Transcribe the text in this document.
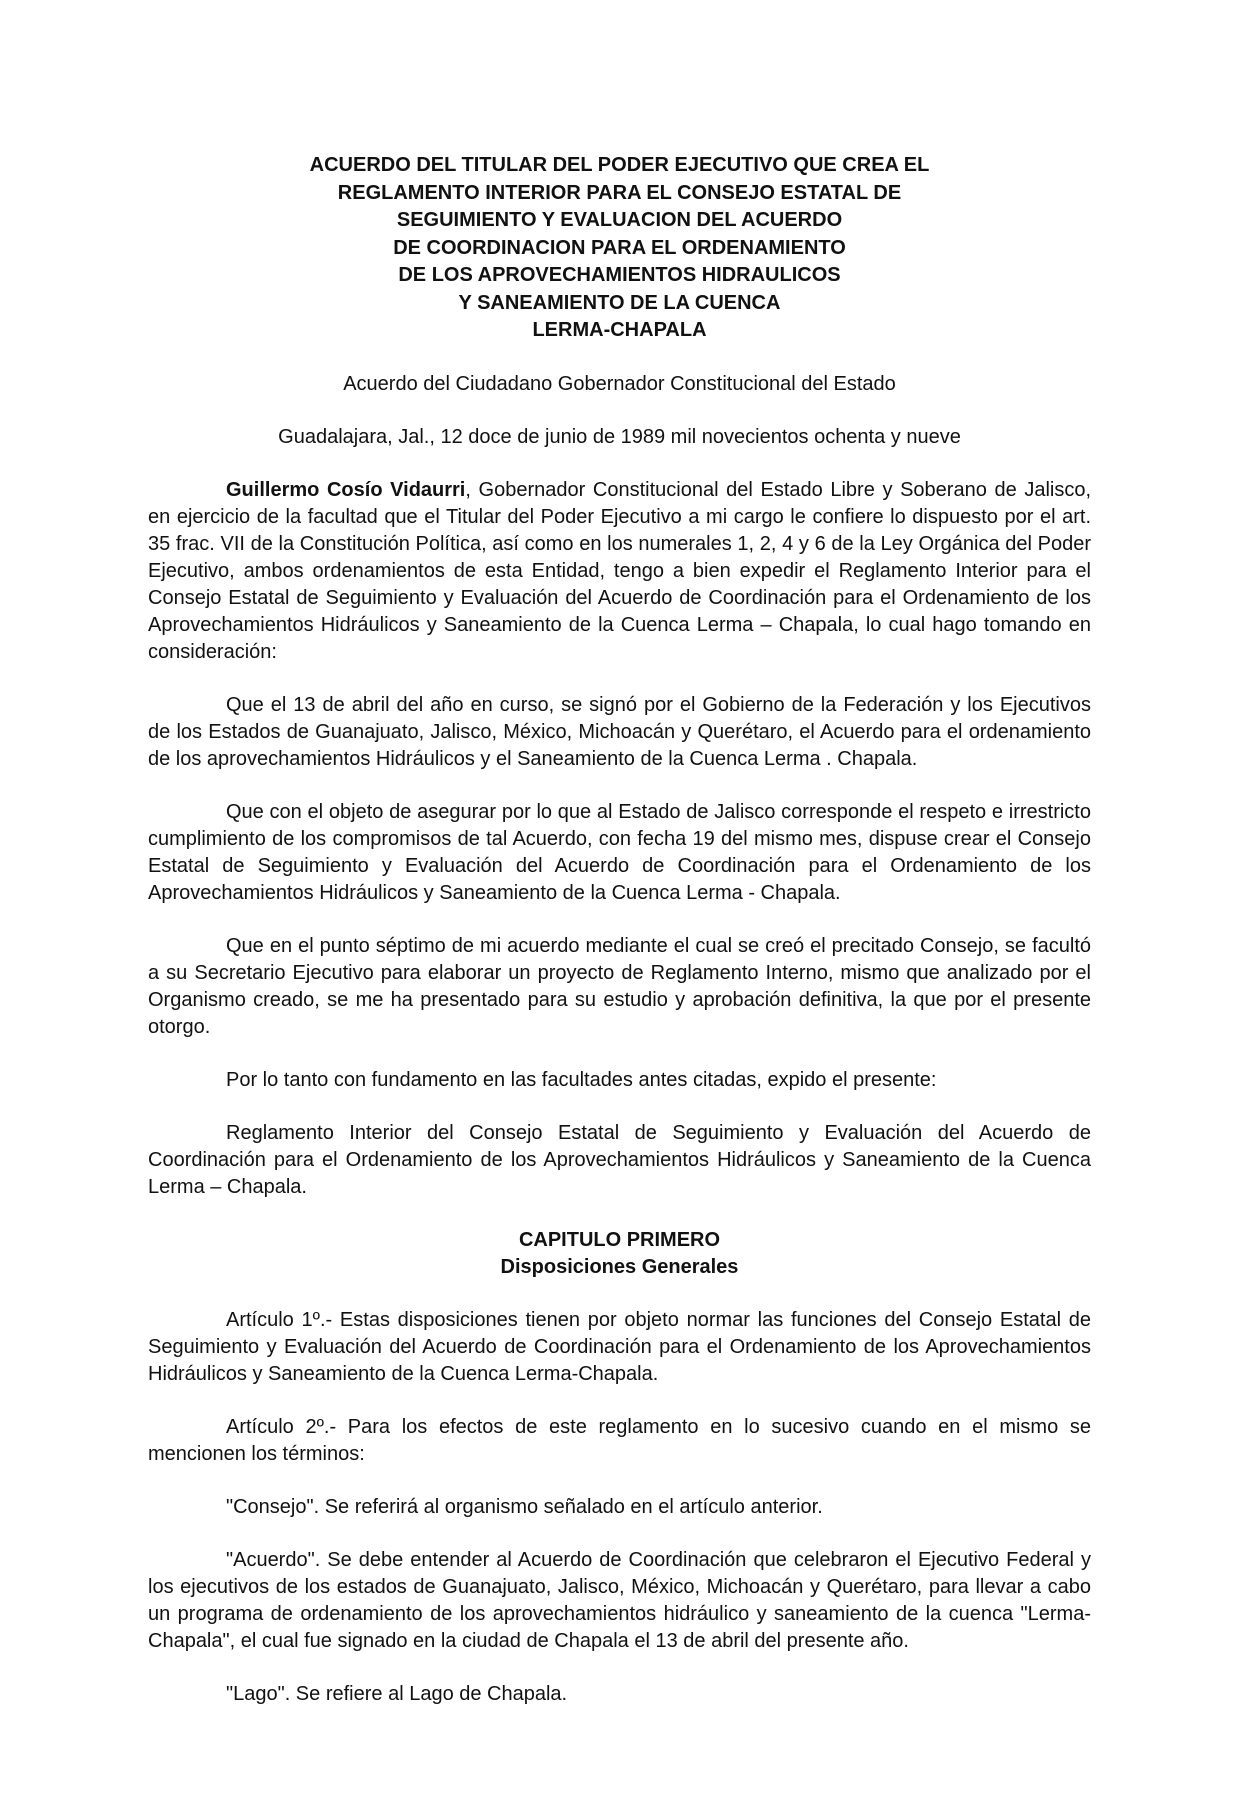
ACUERDO DEL TITULAR DEL PODER EJECUTIVO QUE CREA EL
REGLAMENTO INTERIOR PARA EL CONSEJO ESTATAL DE
SEGUIMIENTO Y EVALUACION DEL ACUERDO
DE COORDINACION PARA EL ORDENAMIENTO
DE LOS APROVECHAMIENTOS HIDRAULICOS
Y SANEAMIENTO DE LA CUENCA
LERMA-CHAPALA
Acuerdo del Ciudadano Gobernador Constitucional del Estado
Guadalajara, Jal., 12 doce de junio de 1989 mil novecientos ochenta y nueve

Guillermo Cosío Vidaurri, Gobernador Constitucional del Estado Libre y Soberano de Jalisco, en ejercicio de la facultad que el Titular del Poder Ejecutivo a mi cargo le confiere lo dispuesto por el art. 35 frac. VII de la Constitución Política, así como en los numerales 1, 2, 4 y 6 de la Ley Orgánica del Poder Ejecutivo, ambos ordenamientos de esta Entidad, tengo a bien expedir el Reglamento Interior para el Consejo Estatal de Seguimiento y Evaluación del Acuerdo de Coordinación para el Ordenamiento de los Aprovechamientos Hidráulicos y Saneamiento de la Cuenca Lerma – Chapala, lo cual hago tomando en consideración:

Que el 13 de abril del año en curso, se signó por el Gobierno de la Federación y los Ejecutivos de los Estados de Guanajuato, Jalisco, México, Michoacán y Querétaro, el Acuerdo para el ordenamiento de los aprovechamientos Hidráulicos y el Saneamiento de la Cuenca Lerma . Chapala.

Que con el objeto de asegurar por lo que al Estado de Jalisco corresponde el respeto e irrestricto cumplimiento de los compromisos de tal Acuerdo, con fecha 19 del mismo mes, dispuse crear el Consejo Estatal de Seguimiento y Evaluación del Acuerdo de Coordinación para el Ordenamiento de los Aprovechamientos Hidráulicos y Saneamiento de la Cuenca Lerma - Chapala.

Que en el punto séptimo de mi acuerdo mediante el cual se creó el precitado Consejo, se facultó a su Secretario Ejecutivo para elaborar un proyecto de Reglamento Interno, mismo que analizado por el Organismo creado, se me ha presentado para su estudio y aprobación definitiva, la que por el presente otorgo.

Por lo tanto con fundamento en las facultades antes citadas, expido el presente:

Reglamento Interior del Consejo Estatal de Seguimiento y Evaluación del Acuerdo de Coordinación para el Ordenamiento de los Aprovechamientos Hidráulicos y Saneamiento de la Cuenca Lerma – Chapala.

CAPITULO PRIMERO
Disposiciones Generales

Artículo 1º.- Estas disposiciones tienen por objeto normar las funciones del Consejo Estatal de Seguimiento y Evaluación del Acuerdo de Coordinación para el Ordenamiento de los Aprovechamientos Hidráulicos y Saneamiento de la Cuenca Lerma-Chapala.

Artículo 2º.- Para los efectos de este reglamento en lo sucesivo cuando en el mismo se mencionen los términos:

"Consejo". Se referirá al organismo señalado en el artículo anterior.

"Acuerdo". Se debe entender al Acuerdo de Coordinación que celebraron el Ejecutivo Federal y los ejecutivos de los estados de Guanajuato, Jalisco, México, Michoacán y Querétaro, para llevar a cabo un programa de ordenamiento de los aprovechamientos hidráulico y saneamiento de la cuenca "Lerma-Chapala", el cual fue signado en la ciudad de Chapala el 13 de abril del presente año.

"Lago". Se refiere al Lago de Chapala.
